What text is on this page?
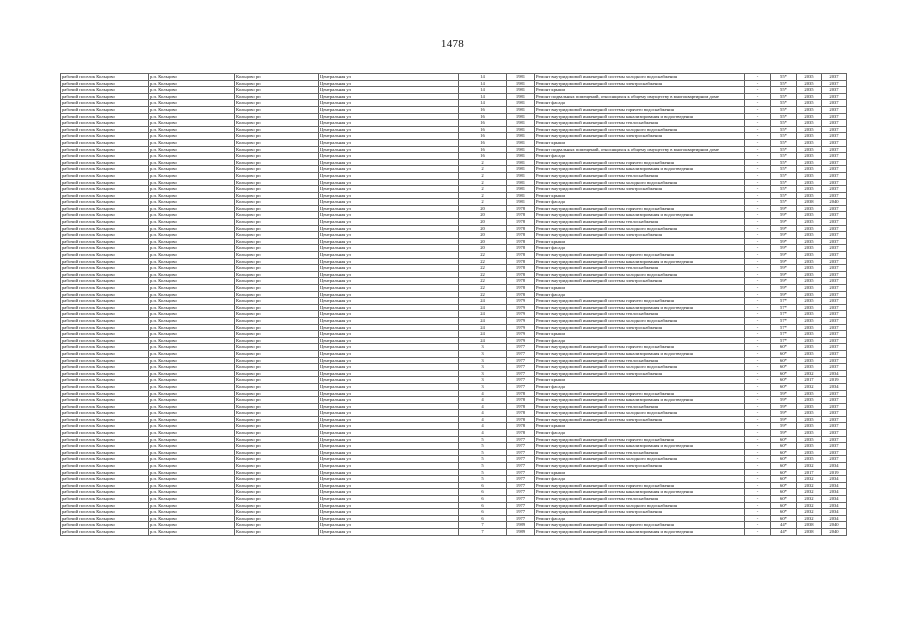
1478
рабочий поселок Кольцово	р.п. Кольцово	Кольцово рп	Центральная ул	14	1981	Ремонт внутридомовой инженерной системы холодного водоснабжения	-	55*	2035	2037
рабочий поселок Кольцово	р.п. Кольцово	Кольцово рп	Центральная ул	14	1981	Ремонт внутридомовой инженерной системы электроснабжения	-	55*	2035	2037
рабочий поселок Кольцово	р.п. Кольцово	Кольцово рп	Центральная ул	14	1981	Ремонт крыши	-	55*	2035	2037
рабочий поселок Кольцово	р.п. Кольцово	Кольцово рп	Центральная ул	14	1981	Ремонт подвальных помещений, относящихся к общему имуществу в многоквартирном доме	-	55*	2035	2037
рабочий поселок Кольцово	р.п. Кольцово	Кольцово рп	Центральная ул	14	1981	Ремонт фасада	-	55*	2035	2037
рабочий поселок Кольцово	р.п. Кольцово	Кольцово рп	Центральная ул	16	1981	Ремонт внутридомовой инженерной системы горячего водоснабжения	-	55*	2035	2037
рабочий поселок Кольцово	р.п. Кольцово	Кольцово рп	Центральная ул	16	1981	Ремонт внутридомовой инженерной системы канализирования и водоотведения	-	55*	2035	2037
рабочий поселок Кольцово	р.п. Кольцово	Кольцово рп	Центральная ул	16	1981	Ремонт внутридомовой инженерной системы теплоснабжения	-	55*	2035	2037
рабочий поселок Кольцово	р.п. Кольцово	Кольцово рп	Центральная ул	16	1981	Ремонт внутридомовой инженерной системы холодного водоснабжения	-	55*	2035	2037
рабочий поселок Кольцово	р.п. Кольцово	Кольцово рп	Центральная ул	16	1981	Ремонт внутридомовой инженерной системы электроснабжения	-	55*	2035	2037
рабочий поселок Кольцово	р.п. Кольцово	Кольцово рп	Центральная ул	16	1981	Ремонт крыши	-	55*	2035	2037
рабочий поселок Кольцово	р.п. Кольцово	Кольцово рп	Центральная ул	16	1981	Ремонт подвальных помещений, относящихся к общему имуществу в многоквартирном доме	-	55*	2035	2037
рабочий поселок Кольцово	р.п. Кольцово	Кольцово рп	Центральная ул	16	1981	Ремонт фасада	-	55*	2035	2037
рабочий поселок Кольцово	р.п. Кольцово	Кольцово рп	Центральная ул	2	1981	Ремонт внутридомовой инженерной системы горячего водоснабжения	-	55*	2035	2037
рабочий поселок Кольцово	р.п. Кольцово	Кольцово рп	Центральная ул	2	1981	Ремонт внутридомовой инженерной системы канализирования и водоотведения	-	55*	2035	2037
рабочий поселок Кольцово	р.п. Кольцово	Кольцово рп	Центральная ул	2	1981	Ремонт внутридомовой инженерной системы теплоснабжения	-	55*	2035	2037
рабочий поселок Кольцово	р.п. Кольцово	Кольцово рп	Центральная ул	2	1981	Ремонт внутридомовой инженерной системы холодного водоснабжения	-	55*	2035	2037
рабочий поселок Кольцово	р.п. Кольцово	Кольцово рп	Центральная ул	2	1981	Ремонт внутридомовой инженерной системы электроснабжения	-	55*	2035	2037
рабочий поселок Кольцово	р.п. Кольцово	Кольцово рп	Центральная ул	2	1981	Ремонт крыши	-	55*	2035	2037
рабочий поселок Кольцово	р.п. Кольцово	Кольцово рп	Центральная ул	2	1981	Ремонт фасада	-	55*	2038	2040
рабочий поселок Кольцово	р.п. Кольцово	Кольцово рп	Центральная ул	20	1978	Ремонт внутридомовой инженерной системы горячего водоснабжения	-	59*	2035	2037
рабочий поселок Кольцово	р.п. Кольцово	Кольцово рп	Центральная ул	20	1978	Ремонт внутридомовой инженерной системы канализирования и водоотведения	-	59*	2035	2037
рабочий поселок Кольцово	р.п. Кольцово	Кольцово рп	Центральная ул	20	1978	Ремонт внутридомовой инженерной системы теплоснабжения	-	59*	2035	2037
рабочий поселок Кольцово	р.п. Кольцово	Кольцово рп	Центральная ул	20	1978	Ремонт внутридомовой инженерной системы холодного водоснабжения	-	59*	2035	2037
рабочий поселок Кольцово	р.п. Кольцово	Кольцово рп	Центральная ул	20	1978	Ремонт внутридомовой инженерной системы электроснабжения	-	59*	2035	2037
рабочий поселок Кольцово	р.п. Кольцово	Кольцово рп	Центральная ул	20	1978	Ремонт крыши	-	59*	2035	2037
рабочий поселок Кольцово	р.п. Кольцово	Кольцово рп	Центральная ул	20	1978	Ремонт фасада	-	59*	2035	2037
рабочий поселок Кольцово	р.п. Кольцово	Кольцово рп	Центральная ул	22	1978	Ремонт внутридомовой инженерной системы горячего водоснабжения	-	59*	2035	2037
рабочий поселок Кольцово	р.п. Кольцово	Кольцово рп	Центральная ул	22	1978	Ремонт внутридомовой инженерной системы канализирования и водоотведения	-	59*	2035	2037
рабочий поселок Кольцово	р.п. Кольцово	Кольцово рп	Центральная ул	22	1978	Ремонт внутридомовой инженерной системы теплоснабжения	-	59*	2035	2037
рабочий поселок Кольцово	р.п. Кольцово	Кольцово рп	Центральная ул	22	1978	Ремонт внутридомовой инженерной системы холодного водоснабжения	-	59*	2035	2037
рабочий поселок Кольцово	р.п. Кольцово	Кольцово рп	Центральная ул	22	1978	Ремонт внутридомовой инженерной системы электроснабжения	-	59*	2035	2037
рабочий поселок Кольцово	р.п. Кольцово	Кольцово рп	Центральная ул	22	1978	Ремонт крыши	-	59*	2035	2037
рабочий поселок Кольцово	р.п. Кольцово	Кольцово рп	Центральная ул	22	1978	Ремонт фасада	-	59*	2035	2037
рабочий поселок Кольцово	р.п. Кольцово	Кольцово рп	Центральная ул	24	1979	Ремонт внутридомовой инженерной системы горячего водоснабжения	-	57*	2035	2037
рабочий поселок Кольцово	р.п. Кольцово	Кольцово рп	Центральная ул	24	1979	Ремонт внутридомовой инженерной системы канализирования и водоотведения	-	57*	2035	2037
рабочий поселок Кольцово	р.п. Кольцово	Кольцово рп	Центральная ул	24	1979	Ремонт внутридомовой инженерной системы теплоснабжения	-	57*	2035	2037
рабочий поселок Кольцово	р.п. Кольцово	Кольцово рп	Центральная ул	24	1979	Ремонт внутридомовой инженерной системы холодного водоснабжения	-	57*	2035	2037
рабочий поселок Кольцово	р.п. Кольцово	Кольцово рп	Центральная ул	24	1979	Ремонт внутридомовой инженерной системы электроснабжения	-	57*	2035	2037
рабочий поселок Кольцово	р.п. Кольцово	Кольцово рп	Центральная ул	24	1979	Ремонт крыши	-	57*	2035	2037
рабочий поселок Кольцово	р.п. Кольцово	Кольцово рп	Центральная ул	24	1979	Ремонт фасада	-	57*	2035	2037
рабочий поселок Кольцово	р.п. Кольцово	Кольцово рп	Центральная ул	3	1977	Ремонт внутридомовой инженерной системы горячего водоснабжения	-	60*	2035	2037
рабочий поселок Кольцово	р.п. Кольцово	Кольцово рп	Центральная ул	3	1977	Ремонт внутридомовой инженерной системы канализирования и водоотведения	-	60*	2035	2037
рабочий поселок Кольцово	р.п. Кольцово	Кольцово рп	Центральная ул	3	1977	Ремонт внутридомовой инженерной системы теплоснабжения	-	60*	2035	2037
рабочий поселок Кольцово	р.п. Кольцово	Кольцово рп	Центральная ул	3	1977	Ремонт внутридомовой инженерной системы холодного водоснабжения	-	60*	2035	2037
рабочий поселок Кольцово	р.п. Кольцово	Кольцово рп	Центральная ул	3	1977	Ремонт внутридомовой инженерной системы электроснабжения	-	60*	2032	2034
рабочий поселок Кольцово	р.п. Кольцово	Кольцово рп	Центральная ул	3	1977	Ремонт крыши	-	60*	2017	2019
рабочий поселок Кольцово	р.п. Кольцово	Кольцово рп	Центральная ул	3	1977	Ремонт фасада	-	60*	2032	2034
рабочий поселок Кольцово	р.п. Кольцово	Кольцово рп	Центральная ул	4	1978	Ремонт внутридомовой инженерной системы горячего водоснабжения	-	59*	2035	2037
рабочий поселок Кольцово	р.п. Кольцово	Кольцово рп	Центральная ул	4	1978	Ремонт внутридомовой инженерной системы канализирования и водоотведения	-	59*	2035	2037
рабочий поселок Кольцово	р.п. Кольцово	Кольцово рп	Центральная ул	4	1978	Ремонт внутридомовой инженерной системы теплоснабжения	-	59*	2035	2037
рабочий поселок Кольцово	р.п. Кольцово	Кольцово рп	Центральная ул	4	1978	Ремонт внутридомовой инженерной системы холодного водоснабжения	-	59*	2035	2037
рабочий поселок Кольцово	р.п. Кольцово	Кольцово рп	Центральная ул	4	1978	Ремонт внутридомовой инженерной системы электроснабжения	-	59*	2035	2037
рабочий поселок Кольцово	р.п. Кольцово	Кольцово рп	Центральная ул	4	1978	Ремонт крыши	-	59*	2035	2037
рабочий поселок Кольцово	р.п. Кольцово	Кольцово рп	Центральная ул	4	1978	Ремонт фасада	-	59*	2035	2037
рабочий поселок Кольцово	р.п. Кольцово	Кольцово рп	Центральная ул	5	1977	Ремонт внутридомовой инженерной системы горячего водоснабжения	-	60*	2035	2037
рабочий поселок Кольцово	р.п. Кольцово	Кольцово рп	Центральная ул	5	1977	Ремонт внутридомовой инженерной системы канализирования и водоотведения	-	60*	2035	2037
рабочий поселок Кольцово	р.п. Кольцово	Кольцово рп	Центральная ул	5	1977	Ремонт внутридомовой инженерной системы теплоснабжения	-	60*	2035	2037
рабочий поселок Кольцово	р.п. Кольцово	Кольцово рп	Центральная ул	5	1977	Ремонт внутридомовой инженерной системы холодного водоснабжения	-	60*	2035	2037
рабочий поселок Кольцово	р.п. Кольцово	Кольцово рп	Центральная ул	5	1977	Ремонт внутридомовой инженерной системы электроснабжения	-	60*	2032	2034
рабочий поселок Кольцово	р.п. Кольцово	Кольцово рп	Центральная ул	5	1977	Ремонт крыши	-	60*	2017	2019
рабочий поселок Кольцово	р.п. Кольцово	Кольцово рп	Центральная ул	5	1977	Ремонт фасада	-	60*	2032	2034
рабочий поселок Кольцово	р.п. Кольцово	Кольцово рп	Центральная ул	6	1977	Ремонт внутридомовой инженерной системы горячего водоснабжения	-	60*	2032	2034
рабочий поселок Кольцово	р.п. Кольцово	Кольцово рп	Центральная ул	6	1977	Ремонт внутридомовой инженерной системы канализирования и водоотведения	-	60*	2032	2034
рабочий поселок Кольцово	р.п. Кольцово	Кольцово рп	Центральная ул	6	1977	Ремонт внутридомовой инженерной системы теплоснабжения	-	60*	2032	2034
рабочий поселок Кольцово	р.п. Кольцово	Кольцово рп	Центральная ул	6	1977	Ремонт внутридомовой инженерной системы холодного водоснабжения	-	60*	2032	2034
рабочий поселок Кольцово	р.п. Кольцово	Кольцово рп	Центральная ул	6	1977	Ремонт внутридомовой инженерной системы электроснабжения	-	60*	2032	2034
рабочий поселок Кольцово	р.п. Кольцово	Кольцово рп	Центральная ул	6	1977	Ремонт фасада	-	60*	2032	2034
рабочий поселок Кольцово	р.п. Кольцово	Кольцово рп	Центральная ул	7	1989	Ремонт внутридомовой инженерной системы горячего водоснабжения	-	44*	2038	2040
рабочий поселок Кольцово	р.п. Кольцово	Кольцово рп	Центральная ул	7	1989	Ремонт внутридомовой инженерной системы канализирования и водоотведения	-	44*	2038	2040
